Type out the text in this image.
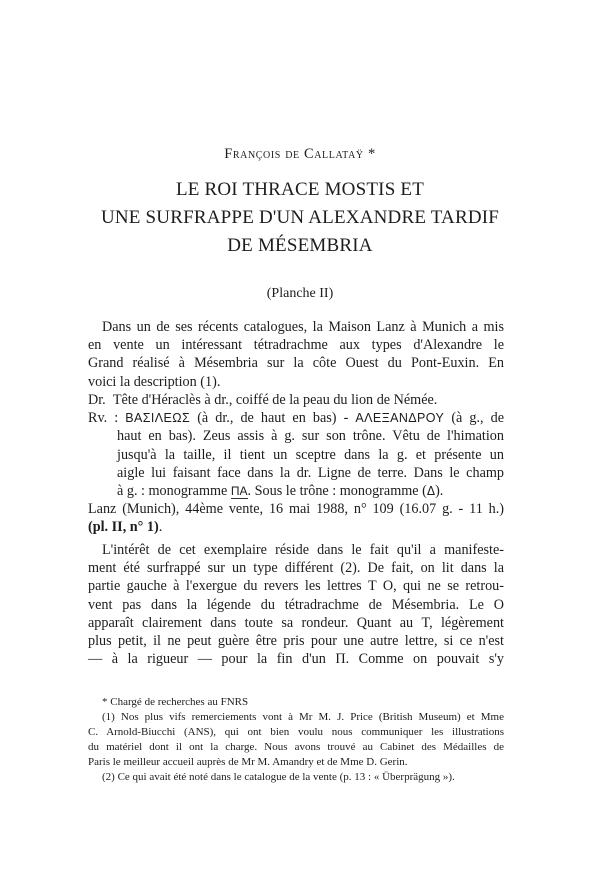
François de Callataÿ *
LE ROI THRACE MOSTIS ET
UNE SURFRAPPE D'UN ALEXANDRE TARDIF
DE MÉSEMBRIA
(Planche II)
Dans un de ses récents catalogues, la Maison Lanz à Munich a mis
en vente un intéressant tétradrachme aux types d'Alexandre le
Grand réalisé à Mésembria sur la côte Ouest du Pont-Euxin. En
voici la description (1).
Dr. Tête d'Héraclès à dr., coiffé de la peau du lion de Némée.
Rv. : ΒΑΣΙΛΕΩΣ (à dr., de haut en bas) - ΑΛΕΞΑΝΔΡΟΥ (à g., de
haut en bas). Zeus assis à g. sur son trône. Vêtu de l'himation
jusqu'à la taille, il tient un sceptre dans la g. et présente un
aigle lui faisant face dans la dr. Ligne de terre. Dans le champ
à g. : monogramme ΠΑ. Sous le trône : monogramme (Δ).
Lanz (Munich), 44ème vente, 16 mai 1988, n° 109 (16.07 g. - 11 h.)
(pl. II, n° 1).
L'intérêt de cet exemplaire réside dans le fait qu'il a manifeste-
ment été surfrappé sur un type différent (2). De fait, on lit dans la
partie gauche à l'exergue du revers les lettres Τ Ο, qui ne se retrou-
vent pas dans la légende du tétradrachme de Mésembria. Le Ο
apparaît clairement dans toute sa rondeur. Quant au Τ, légèrement
plus petit, il ne peut guère être pris pour une autre lettre, si ce n'est
— à la rigueur — pour la fin d'un Π. Comme on pouvait s'y
* Chargé de recherches au FNRS
(1) Nos plus vifs remerciements vont à Mr M. J. Price (British Museum) et Mme
C. Arnold-Biucchi (ANS), qui ont bien voulu nous communiquer les illustrations
du matériel dont il ont la charge. Nous avons trouvé au Cabinet des Médailles de
Paris le meilleur accueil auprès de Mr M. Amandry et de Mme D. Gerin.
(2) Ce qui avait été noté dans le catalogue de la vente (p. 13 : « Überprägung »).
